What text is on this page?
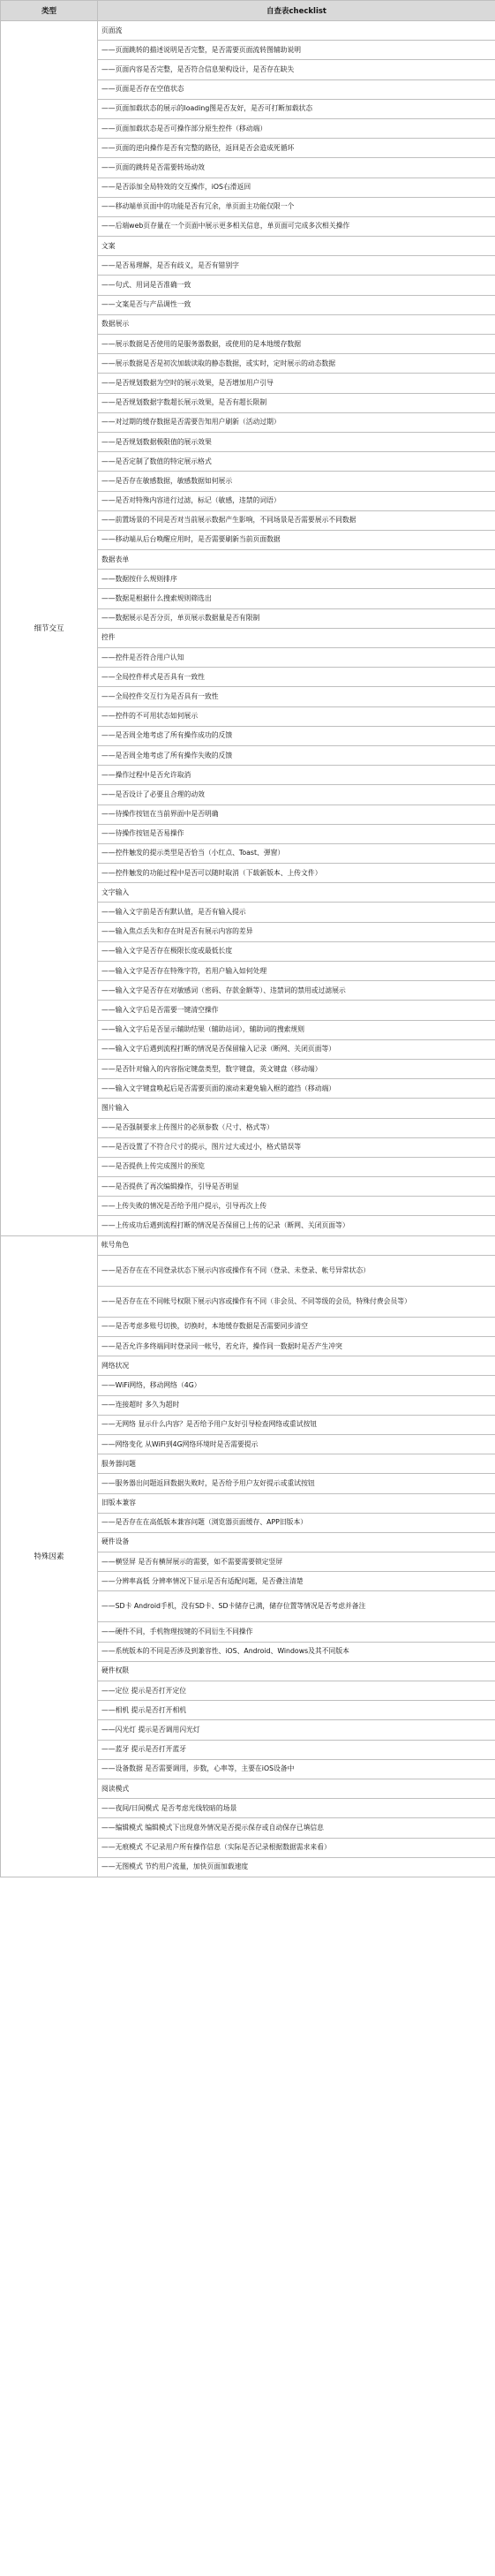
类型	自查表checklist
细节交互	页面流
	——页面跳转的描述说明是否完整，是否需要页面流转图辅助说明
	——页面内容是否完整，是否符合信息架构设计，是否存在缺失
	——页面是否存在空值状态
	——页面加载状态的展示的loading图是否友好，是否可打断加载状态
	——页面加载状态是否可操作部分原生控件（移动端）
	——页面的逆向操作是否有完整的路径，返回是否会造成死循环
	——页面的跳转是否需要转场动效
	——是否添加全局特效的交互操作，iOS右滑返回
	——移动端单页面中的功能是否有冗余，单页面主功能仅限一个
	——后端web页存量在一个页面中展示更多相关信息，单页面可完成多次相关操作
	文案
	——是否易理解，是否有歧义，是否有错别字
	——句式、用词是否准确一致
	——文案是否与产品调性一致
	数据展示
	——展示数据是否使用的是服务器数据，或使用的是本地缓存数据
	——展示数据是否是初次加载读取的静态数据，或实时，定时展示的动态数据
	——是否规划数据为空时的展示效果，是否增加用户引导
	——是否规划数据字数超长展示效果，是否有超长限制
	——对过期的缓存数据是否需要告知用户刷新（活动过期）
	——是否规划数据极限值的展示效果
	——是否定制了数值的特定展示格式
	——是否存在敏感数据，敏感数据如何展示
	——是否对特殊内容进行过滤，标记（敏感，违禁的词语）
	——前置场景的不同是否对当前展示数据产生影响，不同场景是否需要展示不同数据
	——移动端从后台唤醒应用时，是否需要刷新当前页面数据
	数据表单
	——数据按什么规则排序
	——数据是根据什么搜索规则筛选出
	——数据展示是否分页，单页展示数据量是否有限制
	控件
	——控件是否符合用户认知
	——全局控件样式是否具有一致性
	——全局控件交互行为是否具有一致性
	——控件的不可用状态如何展示
	——是否周全地考虑了所有操作成功的反馈
	——是否周全地考虑了所有操作失败的反馈
	——操作过程中是否允许取消
	——是否设计了必要且合理的动效
	——待操作按钮在当前界面中是否明确
	——待操作按钮是否易操作
	——控件触发的提示类型是否恰当（小红点、Toast、弹窗）
	——控件触发的功能过程中是否可以随时取消（下载新版本、上传文件）
	文字输入
	——输入文字前是否有默认值，是否有输入提示
	——输入焦点丢失和存在时是否有展示内容的差异
	——输入文字是否存在极限长度或最低长度
	——输入文字是否存在特殊字符，若用户输入如何处理
	——输入文字是否存在对敏感词（密码、存款金额等）、违禁词的禁用或过滤展示
	——输入文字后是否需要一键清空操作
	——输入文字后是否显示辅助结果（辅助站词），辅助词的搜索规则
	——输入文字后遇到流程打断的情况是否保留输入记录（断网、关闭页面等）
	——是否针对输入的内容指定键盘类型，数字键盘，英文键盘（移动端）
	——输入文字键盘唤起后是否需要页面的滚动来避免输入框的遮挡（移动端）
	图片输入
	——是否强制要求上传图片的必须参数（尺寸、格式等）
	——是否设置了不符合尺寸的提示，图片过大或过小，格式错误等
	——是否提供上传完成图片的预览
	——是否提供了再次编辑操作，引导是否明显
	——上传失败的情况是否给予用户提示，引导再次上传
	——上传成功后遇到流程打断的情况是否保留已上传的记录（断网、关闭页面等）
特殊因素	帐号角色
	——是否存在在不同登录状态下展示内容或操作有不同（登录、未登录、帐号异常状态）
	——是否存在在不同帐号权限下展示内容或操作有不同（非会员、不同等级的会员，特殊付费会员等）
	——是否考虑多账号切换，切换时，本地缓存数据是否需要同步清空
	——是否允许多终端同时登录同一帐号，若允许，操作同一数据时是否产生冲突
	网络状况
	——WiFi网络，移动网络（4G）
	——连接超时 多久为超时
	——无网络 显示什么内容？是否给予用户友好引导检查网络或重试按钮
	——网络变化 从WiFi到4G网络环境时是否需要提示
	服务器问题
	——服务器出问题返回数据失败时，是否给予用户友好提示或重试按钮
	旧版本兼容
	——是否存在在高低版本兼容问题（浏览器页面缓存、APP旧版本）
	硬件设备
	——横竖屏 是否有横屏展示的需要，如不需要需要锁定竖屏
	——分辨率高低 分辨率情况下显示是否有适配问题，是否叠注清楚
	——SD卡 Android手机，没有SD卡、SD卡储存已满，储存位置等情况是否考虑并备注
	——硬件不同，手机物理按键的不同衍生不同操作
	——系统版本的不同是否涉及到兼容性、iOS、Android、Windows及其不同版本
	硬件权限
	——定位 提示是否打开定位
	——相机 提示是否打开相机
	——闪光灯 提示是否调用闪光灯
	——蓝牙 提示是否打开蓝牙
	——设备数据 是否需要调用，步数，心率等，主要在iOS设备中
	阅读模式
	——夜间/日间模式 是否考虑光线较暗的场景
	——编辑模式 编辑模式下出现意外情况是否提示保存或自动保存已填信息
	——无痕模式 不记录用户所有操作信息（实际是否记录根据数据需求来看）
	——无图模式 节约用户流量，加快页面加载速度
